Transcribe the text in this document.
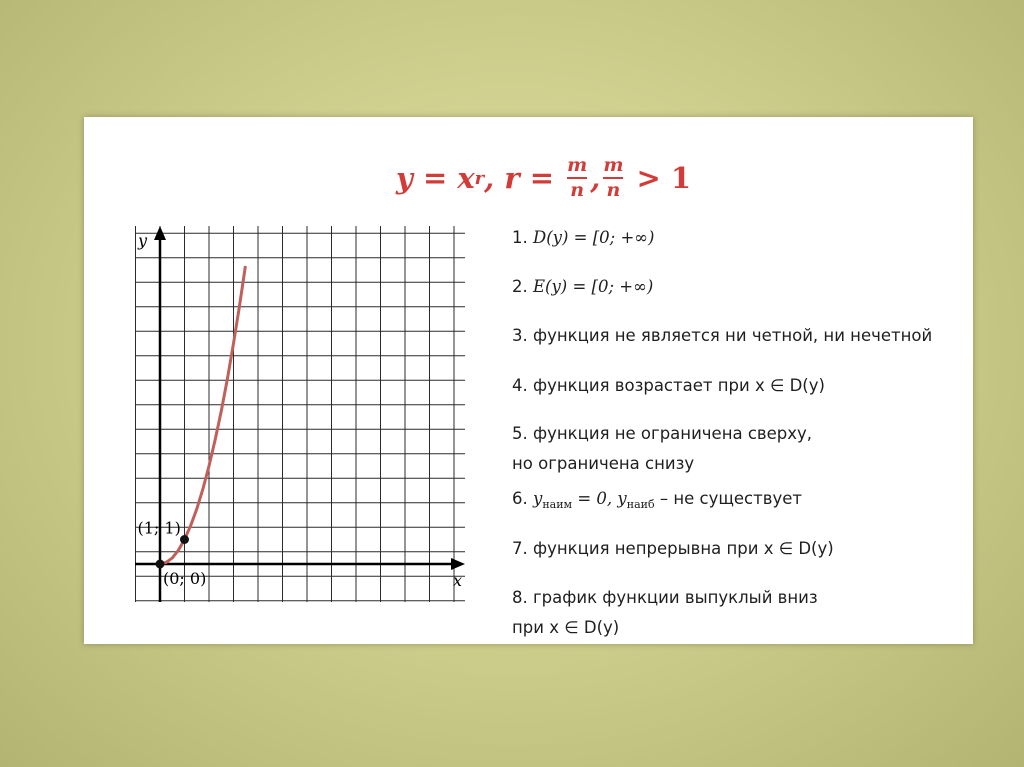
y = x r , r = m
n , m
n > 1
(0; 0)
(1; 1)
x
y	1. D(y) = [0; +∞)
2. E(y) = [0; +∞)
3. функция не является ни четной, ни нечетной
4. функция возрастает при x ∈ D(y)
5. функция не ограничена сверху,
но ограничена снизу
6. $y_{наим} = 0$, $y_{наиб}$ – не существует
7. функция непрерывна при x ∈ D(y)
8. график функции выпуклый вниз
при x ∈ D(y)
